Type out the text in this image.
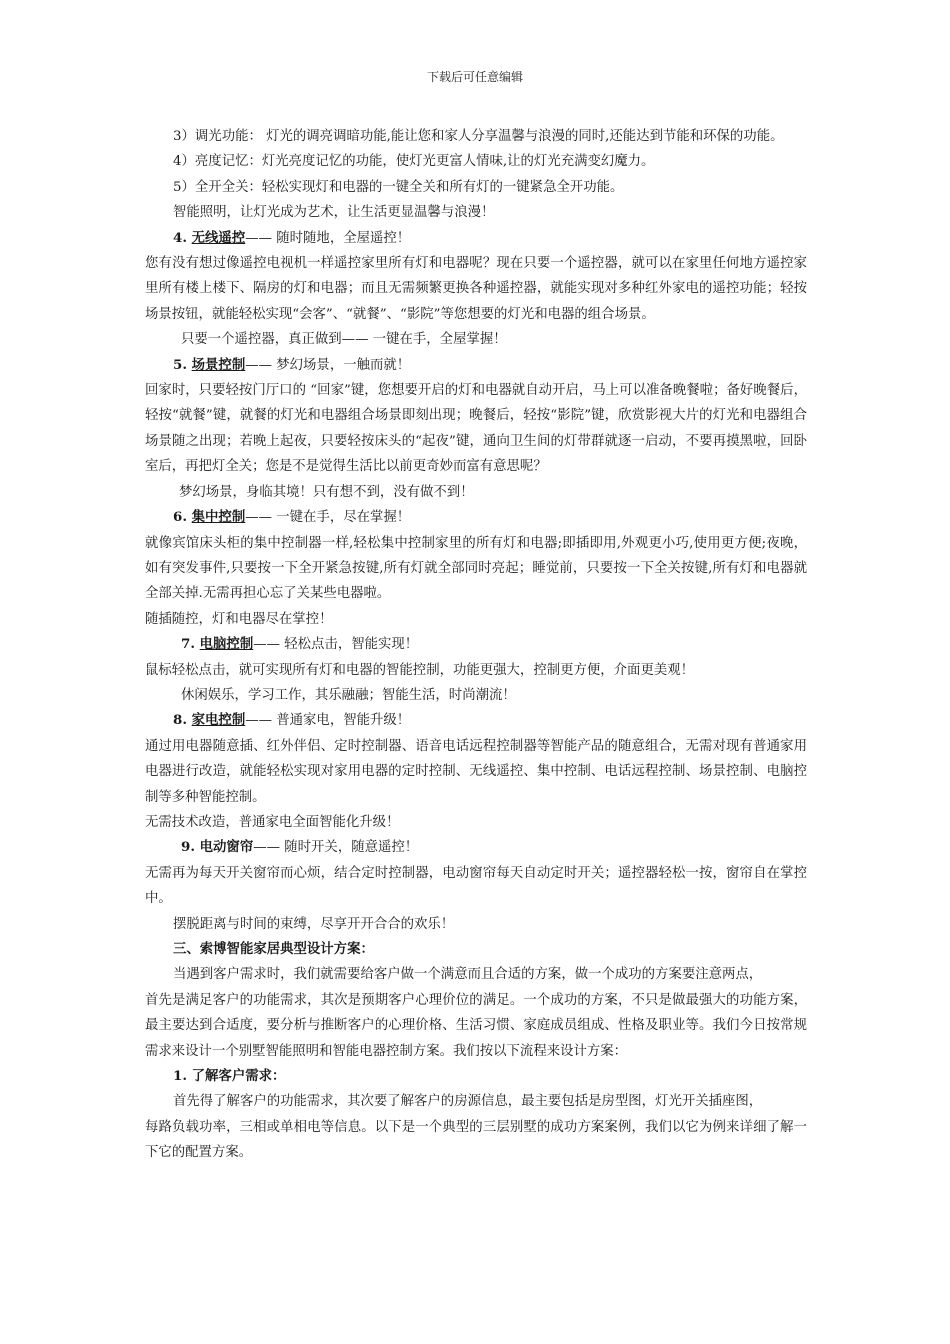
下载后可任意编辑

3）调光功能： 灯光的调亮调暗功能,能让您和家人分享温馨与浪漫的同时,还能达到节能和环保的功能。

4）亮度记忆：灯光亮度记忆的功能，使灯光更富人情味,让的灯光充满变幻魔力。

5）全开全关：轻松实现灯和电器的一键全关和所有灯的一键紧急全开功能。

智能照明，让灯光成为艺术，让生活更显温馨与浪漫！

4. 无线遥控—— 随时随地，全屋遥控！

您有没有想过像遥控电视机一样遥控家里所有灯和电器呢？现在只要一个遥控器，就可以在家里任何地方遥控家里所有楼上楼下、隔房的灯和电器；而且无需频繁更换各种遥控器，就能实现对多种红外家电的遥控功能；轻按场景按钮，就能轻松实现“会客”、“就餐”、“影院”等您想要的灯光和电器的组合场景。

只要一个遥控器，真正做到—— 一键在手，全屋掌握！

5. 场景控制—— 梦幻场景，一触而就！

回家时，只要轻按门厅口的 “回家”键，您想要开启的灯和电器就自动开启，马上可以准备晚餐啦；备好晚餐后，轻按“就餐”键，就餐的灯光和电器组合场景即刻出现；晚餐后，轻按“影院”键，欣赏影视大片的灯光和电器组合场景随之出现；若晚上起夜，只要轻按床头的“起夜”键，通向卫生间的灯带群就逐一启动，不要再摸黑啦，回卧室后，再把灯全关；您是不是觉得生活比以前更奇妙而富有意思呢？

梦幻场景，身临其境！只有想不到，没有做不到！

6. 集中控制—— 一键在手，尽在掌握！

就像宾馆床头柜的集中控制器一样,轻松集中控制家里的所有灯和电器;即插即用,外观更小巧,使用更方便;夜晚，如有突发事件,只要按一下全开紧急按键,所有灯就全部同时亮起；睡觉前，只要按一下全关按键,所有灯和电器就全部关掉.无需再担心忘了关某些电器啦。

随插随控，灯和电器尽在掌控！

7. 电脑控制—— 轻松点击，智能实现！

鼠标轻松点击，就可实现所有灯和电器的智能控制，功能更强大，控制更方便，介面更美观！

休闲娱乐，学习工作，其乐融融；智能生活，时尚潮流！

8. 家电控制—— 普通家电，智能升级！

通过用电器随意插、红外伴侣、定时控制器、语音电话远程控制器等智能产品的随意组合，无需对现有普通家用电器进行改造，就能轻松实现对家用电器的定时控制、无线遥控、集中控制、电话远程控制、场景控制、电脑控制等多种智能控制。

无需技术改造，普通家电全面智能化升级！

9. 电动窗帘—— 随时开关，随意遥控！

无需再为每天开关窗帘而心烦，结合定时控制器，电动窗帘每天自动定时开关；遥控器轻松一按，窗帘自在掌控中。

摆脱距离与时间的束缚，尽享开开合合的欢乐！

三、索博智能家居典型设计方案：

当遇到客户需求时，我们就需要给客户做一个满意而且合适的方案，做一个成功的方案要注意两点，

首先是满足客户的功能需求，其次是预期客户心理价位的满足。一个成功的方案，不只是做最强大的功能方案，最主要达到合适度，要分析与推断客户的心理价格、生活习惯、家庭成员组成、性格及职业等。我们今日按常规需求来设计一个别墅智能照明和智能电器控制方案。我们按以下流程来设计方案：

1. 了解客户需求：

首先得了解客户的功能需求，其次要了解客户的房源信息，最主要包括是房型图，灯光开关插座图，

每路负载功率，三相或单相电等信息。以下是一个典型的三层别墅的成功方案案例，我们以它为例来详细了解一下它的配置方案。
